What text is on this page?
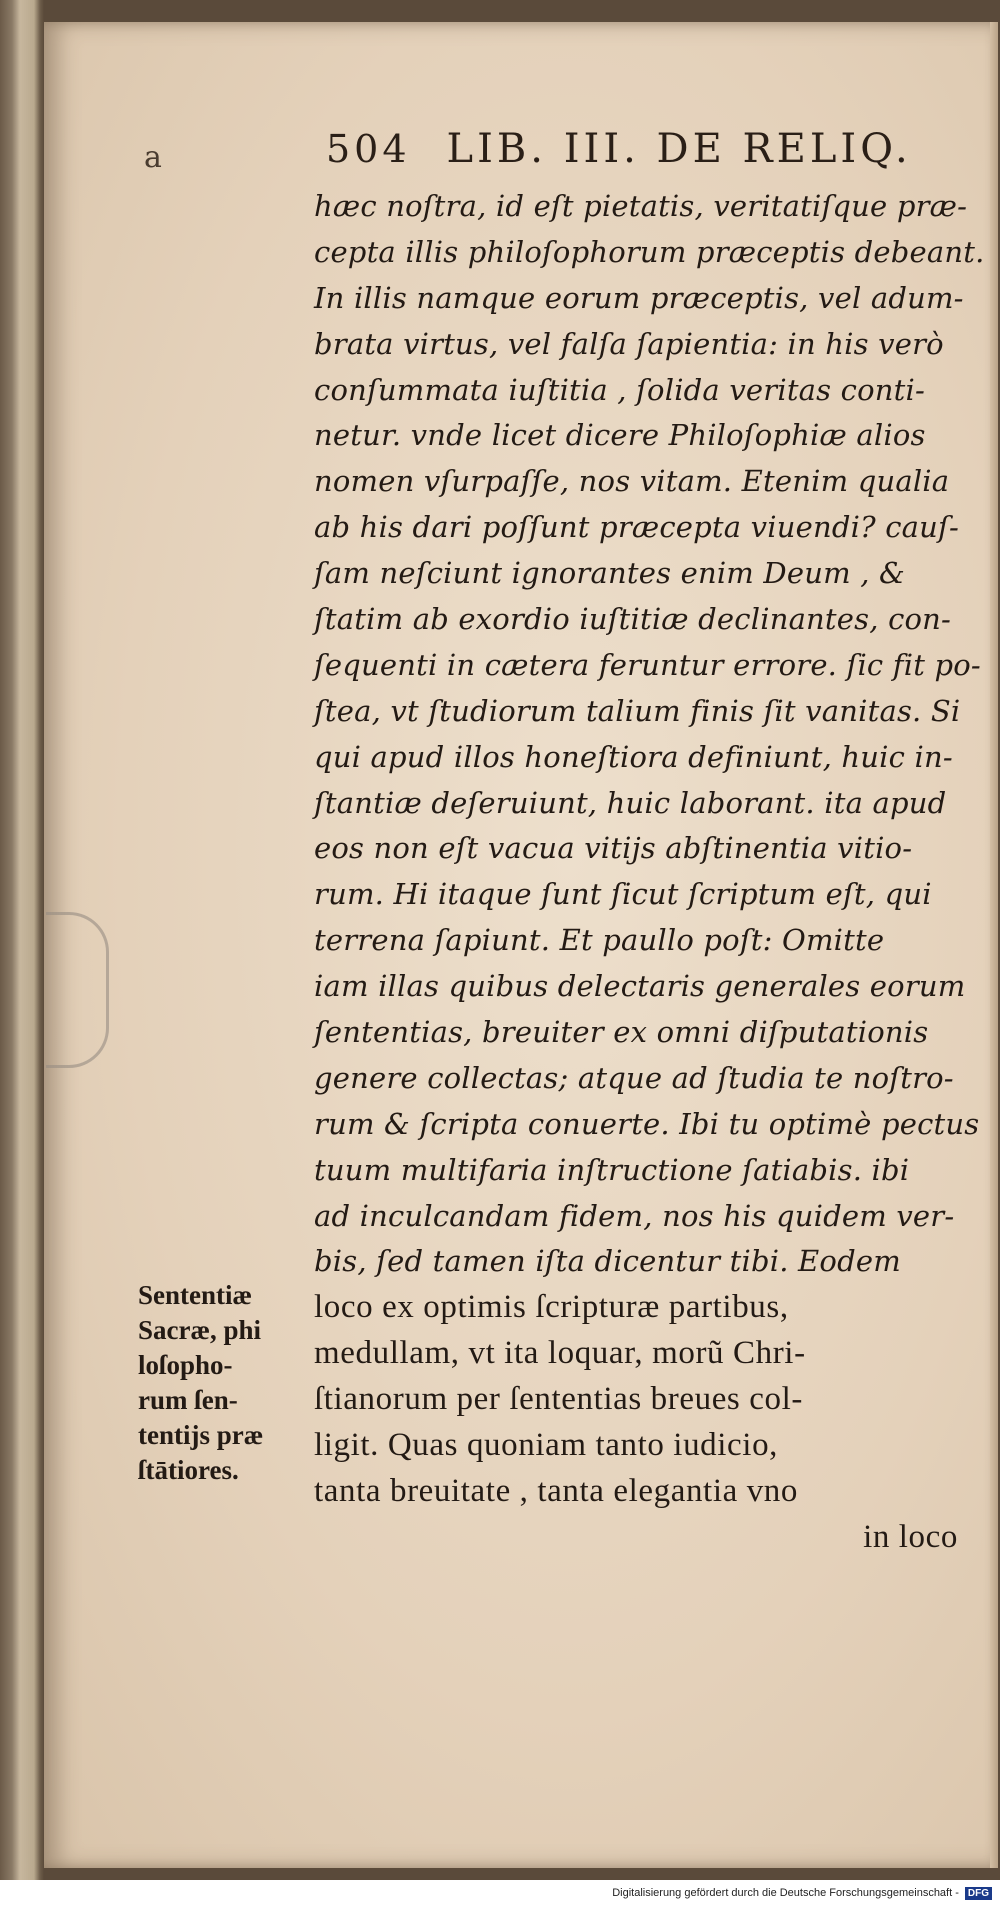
a	504 LIB. III. DE RELIQ.
hæc noſtra, id eſt pietatis, veritatiſque præ-
cepta illis philoſophorum præceptis debeant.
In illis namque eorum præceptis, vel adum-
brata virtus, vel falſa ſapientia: in his verò
conſummata iuſtitia , ſolida veritas conti-
netur. vnde licet dicere Philoſophiæ alios
nomen vſurpaſſe, nos vitam. Etenim qualia
ab his dari poſſunt præcepta viuendi? cauſ-
ſam neſciunt ignorantes enim Deum , &
ſtatim ab exordio iuſtitiæ declinantes, con-
ſequenti in cætera feruntur errore. ſic fit po-
ſtea, vt ſtudiorum talium finis ſit vanitas. Si
qui apud illos honeſtiora definiunt, huic in-
ſtantiæ deſeruiunt, huic laborant. ita apud
eos non eſt vacua vitijs abſtinentia vitio-
rum. Hi itaque ſunt ſicut ſcriptum eſt, qui
terrena ſapiunt. Et paullo poſt: Omitte
iam illas quibus delectaris generales eorum
ſententias, breuiter ex omni diſputationis
genere collectas; atque ad ſtudia te noſtro-
rum & ſcripta conuerte. Ibi tu optimè pectus
tuum multifaria inſtructione ſatiabis. ibi
ad inculcandam fidem, nos his quidem ver-
bis, ſed tamen iſta dicentur tibi. Eodem
loco ex optimis ſcripturæ partibus,
medullam, vt ita loquar, morũ Chri-
ſtianorum per ſententias breues col-
ligit. Quas quoniam tanto iudicio,
tanta breuitate , tanta elegantia vno
in loco
Sententiæ
Sacræ, phi
loſopho-
rum ſen-
tentijs præ
ſtātiores.
Digitalisierung gefördert durch die Deutsche Forschungsgemeinschaft - DFG
